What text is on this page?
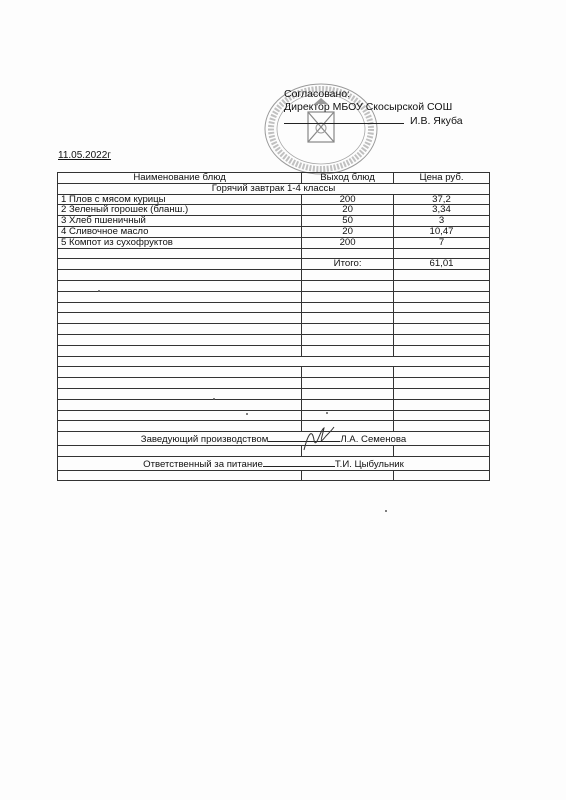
Согласовано:
Директор МБОУ Скосырской СОШ
И.В. Якуба
11.05.2022г
Наименование блюд	Выход блюд	Цена руб.
Горячий завтрак 1-4 классы		
1 Плов с мясом курицы	200	37,2
2 Зеленый горошек (бланш.)	20	3,34
3 Хлеб пшеничный	50	3
4 Сливочное масло	20	10,47
5 Компот из сухофруктов	200	7

	Итого:	61,01

Заведующий производством Л.А. Семенова		

Ответственный за питание Т.И. Цыбульник		
